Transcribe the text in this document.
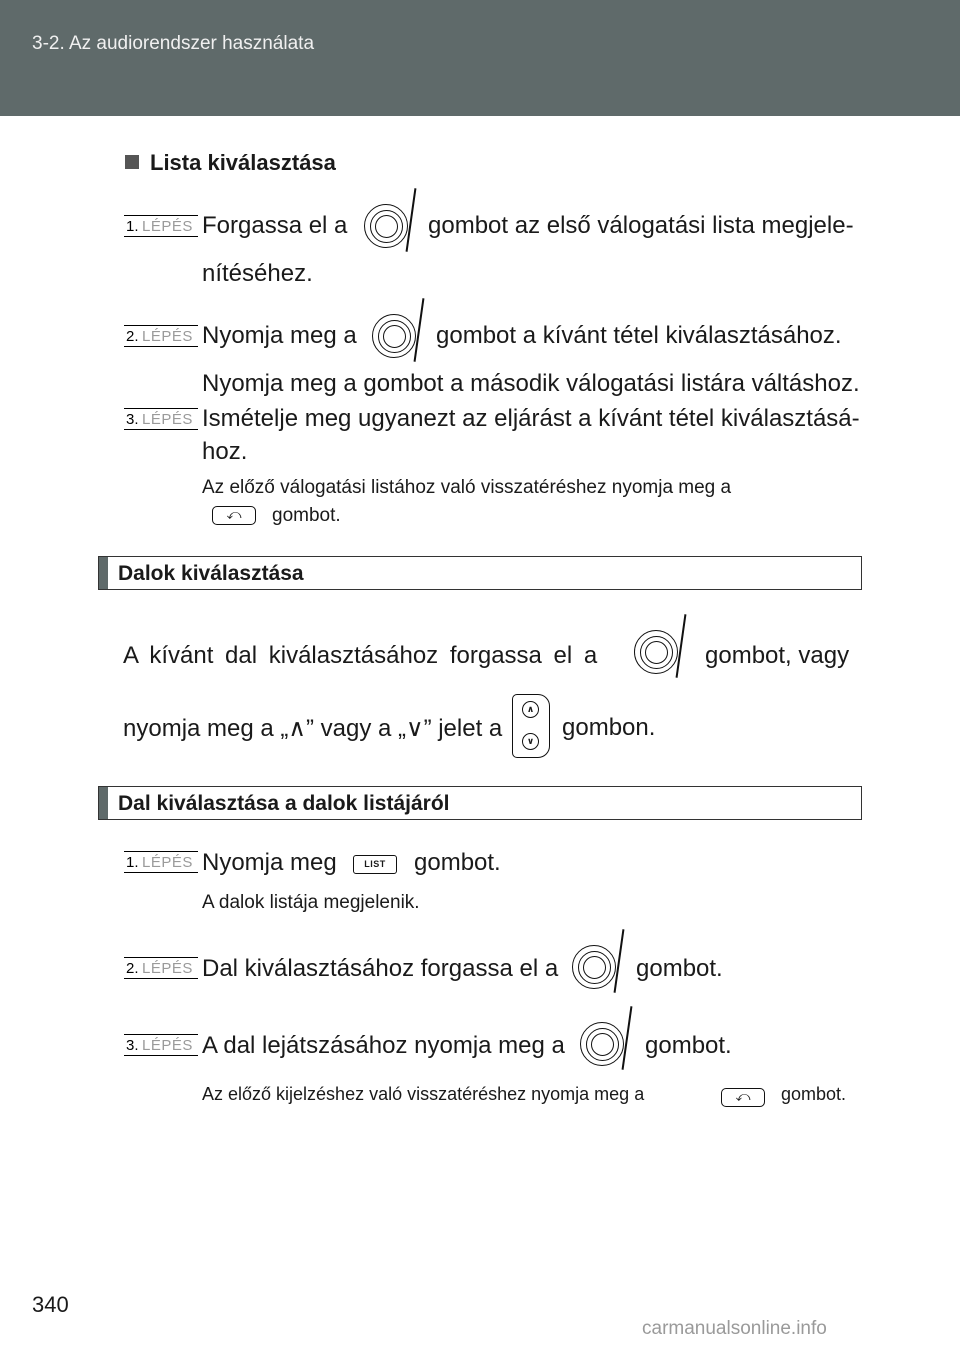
3-2. Az audiorendszer használata
Lista kiválasztása
1. LÉPÉS Forgassa el a	gombot az első válogatási lista megjele-
nítéséhez.
2. LÉPÉS Nyomja meg a	gombot a kívánt tétel kiválasztásához.
Nyomja meg a gombot a második válogatási listára váltáshoz.
3. LÉPÉS Ismételje meg ugyanezt az eljárást a kívánt tétel kiválasztásá-
hoz.
Az előző válogatási listához való visszatéréshez nyomja meg a
⤺	gombot.
Dalok kiválasztása
A kívánt dal kiválasztásához forgassa el a	gombot, vagy
nyomja meg a „∧” vagy a „∨” jelet a
∧
∨ gombon.
Dal kiválasztása a dalok listájáról
1. LÉPÉS Nyomja meg	LIST	gombot.
A dalok listája megjelenik.
2. LÉPÉS Dal kiválasztásához forgassa el a	gombot.
3. LÉPÉS A dal lejátszásához nyomja meg a	gombot.
Az előző kijelzéshez való visszatéréshez nyomja meg a	⤺	gombot.
340
carmanualsonline.info
